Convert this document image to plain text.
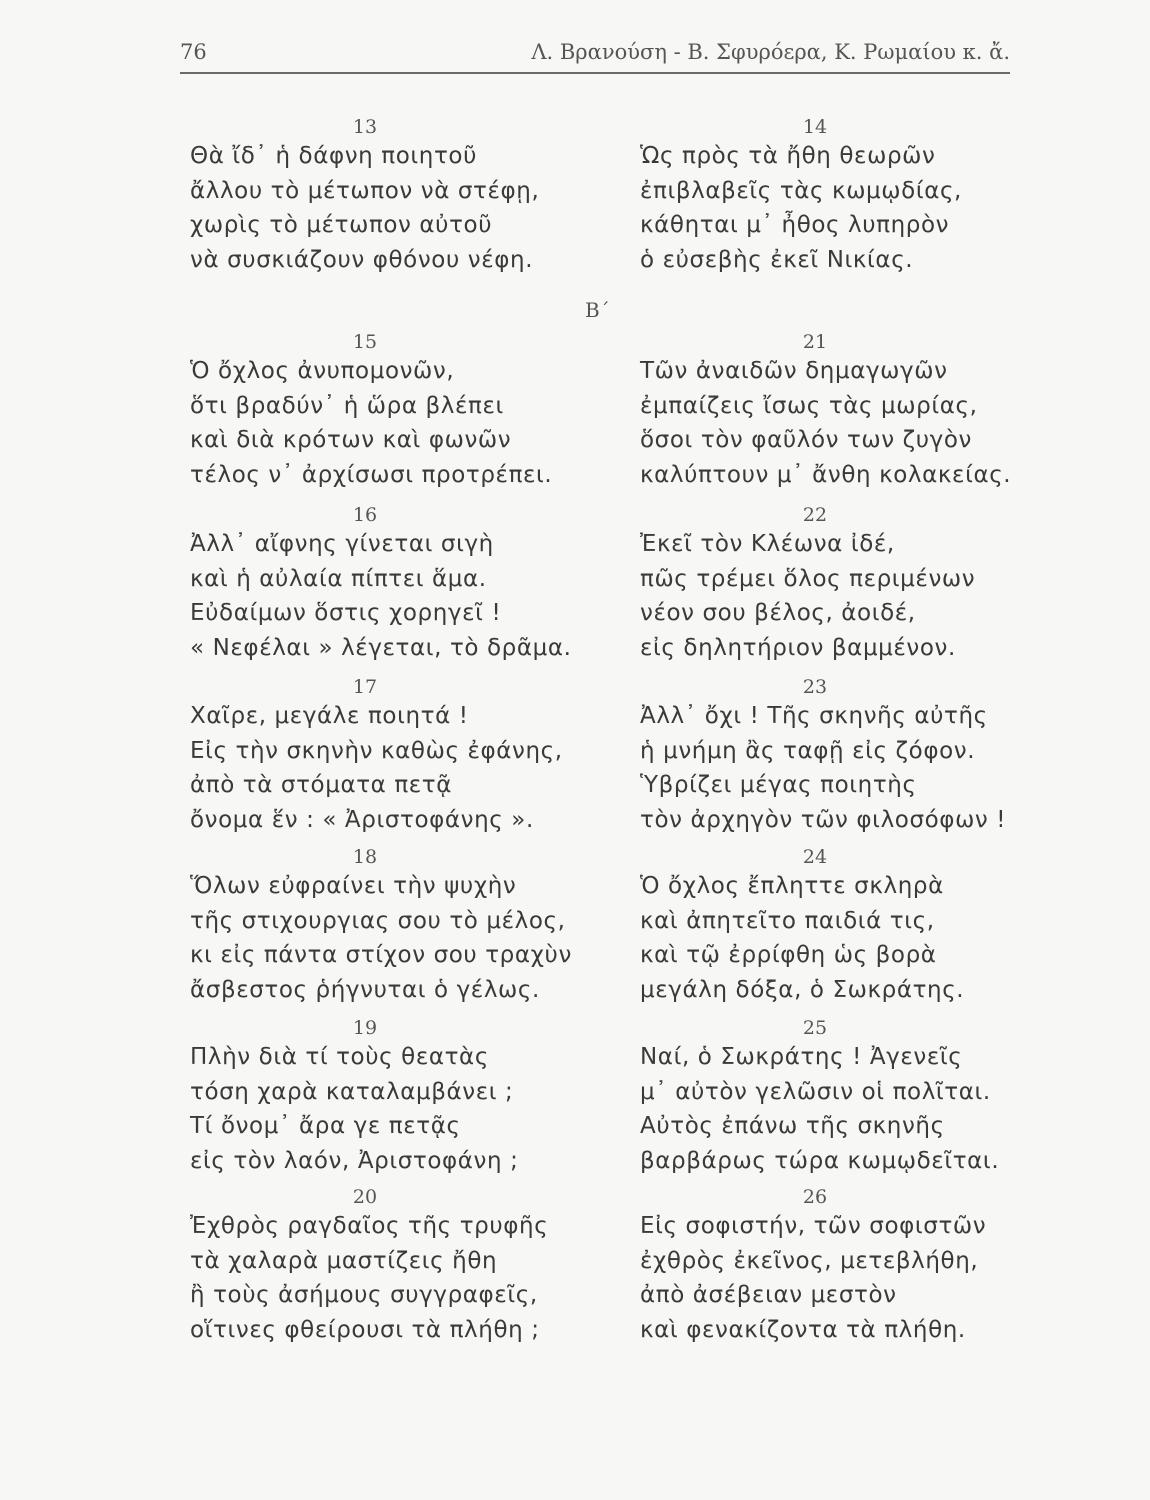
76	Λ. Βρανούση - Β. Σφυρόερα, Κ. Ρωμαίου κ. ἄ.
Β΄
13
Θὰ ἴδ᾽ ἡ δάφνη ποιητοῦ
ἄλλου τὸ μέτωπον νὰ στέφῃ,
χωρὶς τὸ μέτωπον αὐτοῦ
νὰ συσκιάζουν φθόνου νέφη.
15
Ὁ ὄχλος ἀνυπομονῶν,
ὅτι βραδύν᾽ ἡ ὥρα βλέπει
καὶ διὰ κρότων καὶ φωνῶν
τέλος ν᾽ ἀρχίσωσι προτρέπει.
16
Ἀλλ᾽ αἴφνης γίνεται σιγὴ
καὶ ἡ αὐλαία πίπτει ἅμα.
Εὐδαίμων ὅστις χορηγεῖ !
« Νεφέλαι » λέγεται, τὸ δρᾶμα.
17
Χαῖρε, μεγάλε ποιητά !
Εἰς τὴν σκηνὴν καθὼς ἐφάνης,
ἀπὸ τὰ στόματα πετᾷ
ὄνομα ἕν : « Ἀριστοφάνης ».
18
Ὅλων εὐφραίνει τὴν ψυχὴν
τῆς στιχουργιας σου τὸ μέλος,
κι εἰς πάντα στίχον σου τραχὺν
ἄσβεστος ῥήγνυται ὁ γέλως.
19
Πλὴν διὰ τί τοὺς θεατὰς
τόση χαρὰ καταλαμβάνει ;
Τί ὄνομ᾽ ἄρα γε πετᾷς
εἰς τὸν λαόν, Ἀριστοφάνη ;
20
Ἐχθρὸς ραγδαῖος τῆς τρυφῆς
τὰ χαλαρὰ μαστίζεις ἤθη
ἢ τοὺς ἀσήμους συγγραφεῖς,
οἵτινες φθείρουσι τὰ πλήθη ;
14
Ὡς πρὸς τὰ ἤθη θεωρῶν
ἐπιβλαβεῖς τὰς κωμῳδίας,
κάθηται μ᾽ ἦθος λυπηρὸν
ὁ εὐσεβὴς ἐκεῖ Νικίας.
21
Τῶν ἀναιδῶν δημαγωγῶν
ἐμπαίζεις ἴσως τὰς μωρίας,
ὅσοι τὸν φαῦλόν των ζυγὸν
καλύπτουν μ᾽ ἄνθη κολακείας.
22
Ἐκεῖ τὸν Κλέωνα ἰδέ,
πῶς τρέμει ὅλος περιμένων
νέον σου βέλος, ἀοιδέ,
εἰς δηλητήριον βαμμένον.
23
Ἀλλ᾽ ὄχι ! Τῆς σκηνῆς αὐτῆς
ἡ μνήμη ἂς ταφῇ εἰς ζόφον.
Ὑβρίζει μέγας ποιητὴς
τὸν ἀρχηγὸν τῶν φιλοσόφων !
24
Ὁ ὄχλος ἔπληττε σκληρὰ
καὶ ἀπητεῖτο παιδιά τις,
καὶ τῷ ἐρρίφθη ὡς βορὰ
μεγάλη δόξα, ὁ Σωκράτης.
25
Ναί, ὁ Σωκράτης ! Ἀγενεῖς
μ᾽ αὐτὸν γελῶσιν οἱ πολῖται.
Αὐτὸς ἐπάνω τῆς σκηνῆς
βαρβάρως τώρα κωμῳδεῖται.
26
Εἰς σοφιστήν, τῶν σοφιστῶν
ἐχθρὸς ἐκεῖνος, μετεβλήθη,
ἀπὸ ἀσέβειαν μεστὸν
καὶ φενακίζοντα τὰ πλήθη.
